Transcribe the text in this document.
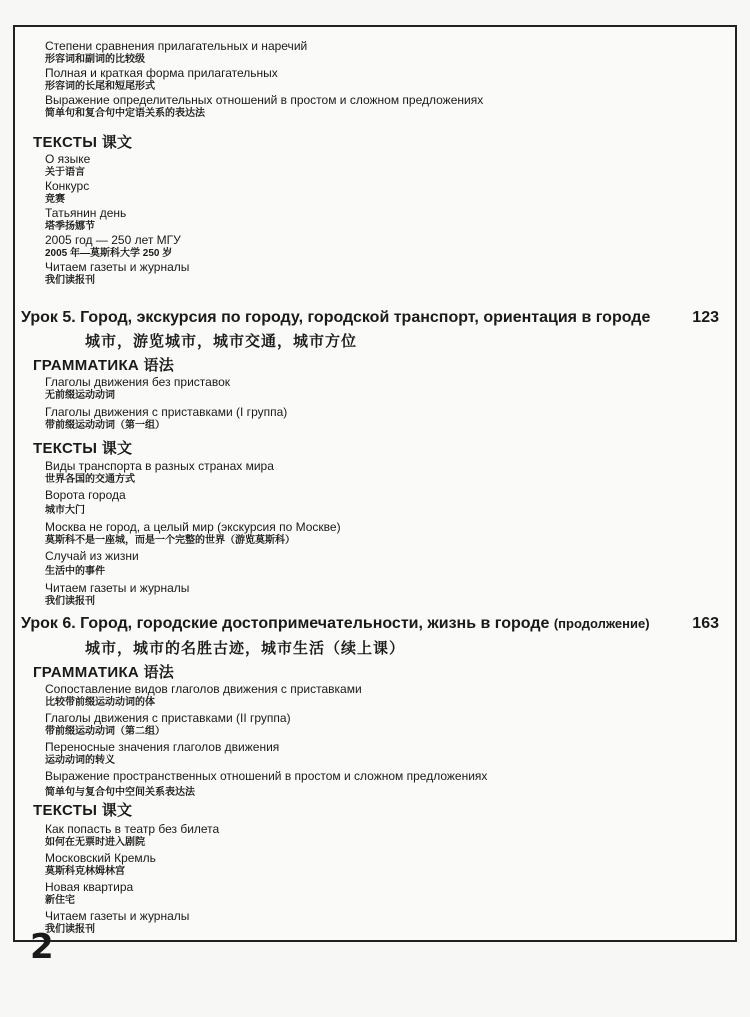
Степени сравнения прилагательных и наречий
形容词和副词的比较级
Полная и краткая форма прилагательных
形容词的长尾和短尾形式
Выражение определительных отношений в простом и сложном предложениях
简单句和复合句中定语关系的表达法
ТЕКСТЫ 课文
О языке
关于语言
Конкурс
竞赛
Татьянин день
塔季扬娜节
2005 год — 250 лет МГУ
2005 年—莫斯科大学 250 岁
Читаем газеты и журналы
我们读报刊
Урок 5. Город, экскурсия по городу, городской транспорт, ориентация в городе	123
城市，游览城市，城市交通，城市方位
ГРАММАТИКА 语法
Глаголы движения без приставок
无前缀运动动词
Глаголы движения с приставками (I группа)
带前缀运动动词（第一组）
ТЕКСТЫ 课文
Виды транспорта в разных странах мира
世界各国的交通方式
Ворота города
城市大门
Москва не город, а целый мир (экскурсия по Москве)
莫斯科不是一座城，而是一个完整的世界（游览莫斯科）
Случай из жизни
生活中的事件
Читаем газеты и журналы
我们读报刊
Урок 6. Город, городские достопримечательности, жизнь в городе (продолжение)	163
城市，城市的名胜古迹，城市生活（续上课）
ГРАММАТИКА 语法
Сопоставление видов глаголов движения с приставками
比较带前缀运动动词的体
Глаголы движения с приставками (II группа)
带前缀运动动词（第二组）
Переносные значения глаголов движения
运动动词的转义
Выражение пространственных отношений в простом и сложном предложениях
简单句与复合句中空间关系表达法
ТЕКСТЫ 课文
Как попасть в театр без билета
如何在无票时进入剧院
Московский Кремль
莫斯科克林姆林宫
Новая квартира
新住宅
Читаем газеты и журналы
我们读报刊
2
